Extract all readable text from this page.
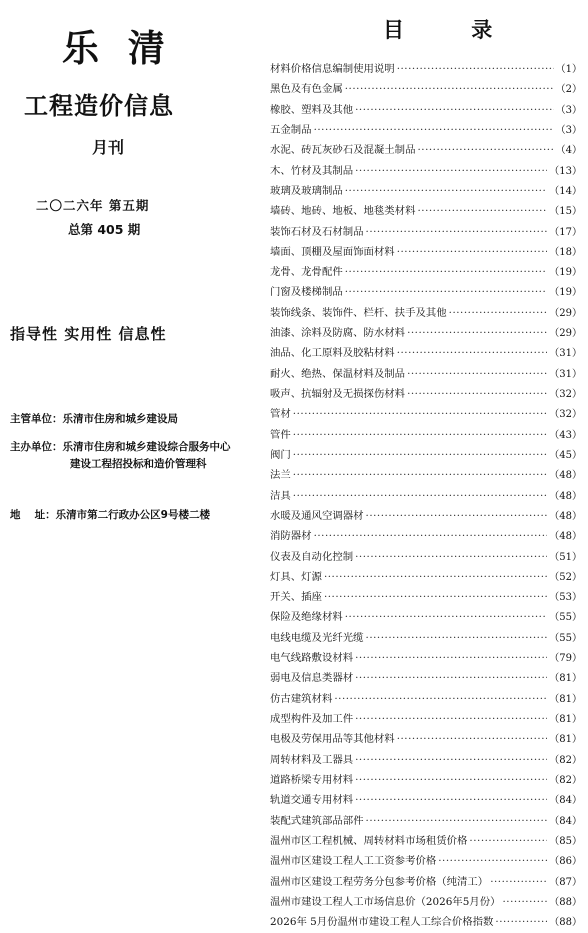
乐 清
工程造价信息
月刊
二〇二六年 第五期
总第 405 期
指导性 实用性 信息性
主管单位：乐清市住房和城乡建设局
主办单位：乐清市住房和城乡建设综合服务中心
建设工程招投标和造价管理科
地　 址：乐清市第二行政办公区9号楼二楼
目 录
材料价格信息编制使用说明 ·····	（1）
黑色及有色金属 ·····	（2）
橡胶、塑料及其他 ·····	（3）
五金制品 ·····	（3）
水泥、砖瓦灰砂石及混凝土制品 ·····	（4）
木、竹材及其制品 ·····	（13）
玻璃及玻璃制品 ·····	（14）
墙砖、地砖、地板、地毯类材料 ·····	（15）
装饰石材及石材制品 ·····	（17）
墙面、顶棚及屋面饰面材料 ·····	（18）
龙骨、龙骨配件 ·····	（19）
门窗及楼梯制品 ·····	（19）
装饰线条、装饰件、栏杆、扶手及其他 ·····	（29）
油漆、涂料及防腐、防水材料 ·····	（29）
油品、化工原料及胶粘材料 ·····	（31）
耐火、绝热、保温材料及制品 ·····	（31）
吸声、抗辐射及无损探伤材料 ·····	（32）
管材 ·····	（32）
管件 ·····	（43）
阀门 ·····	（45）
法兰 ·····	（48）
洁具 ·····	（48）
水暖及通风空调器材 ·····	（48）
消防器材 ·····	（48）
仪表及自动化控制 ·····	（51）
灯具、灯源 ·····	（52）
开关、插座 ·····	（53）
保险及绝缘材料 ·····	（55）
电线电缆及光纤光缆 ·····	（55）
电气线路敷设材料 ·····	（79）
弱电及信息类器材 ·····	（81）
仿古建筑材料 ·····	（81）
成型构件及加工件 ·····	（81）
电极及劳保用品等其他材料 ·····	（81）
周转材料及工器具 ·····	（82）
道路桥梁专用材料 ·····	（82）
轨道交通专用材料 ·····	（84）
装配式建筑部品部件 ·····	（84）
温州市区工程机械、周转材料市场租赁价格 ·····	（85）
温州市区建设工程人工工资参考价格 ·····	（86）
温州市区建设工程劳务分包参考价格（纯清工） ·····	（87）
温州市建设工程人工市场信息价（2026年5月份） ·····	（88）
2026年 5月份温州市建设工程人工综合价格指数 ·····	（88）
